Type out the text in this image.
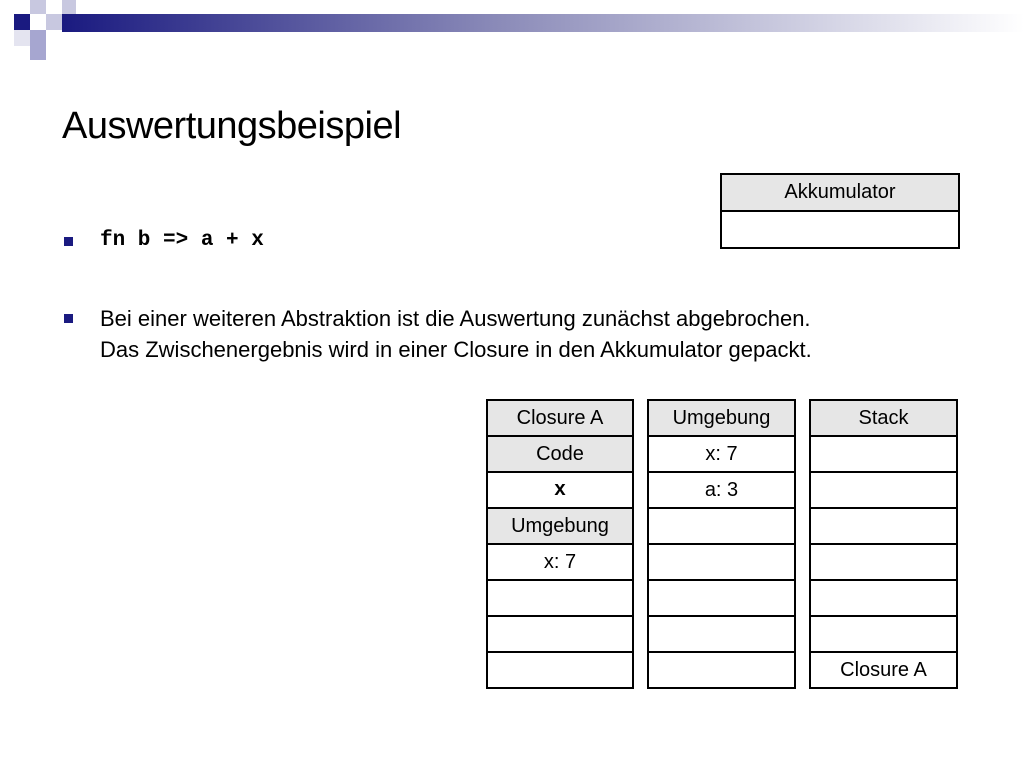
Auswertungsbeispiel
fn b => a + x
Bei einer weiteren Abstraktion ist die Auswertung zunächst abgebrochen.
Das Zwischenergebnis wird in einer Closure in den Akkumulator gepackt.
Akkumulator

Closure A
Code
x
Umgebung
x: 7

Umgebung
x: 7
a: 3

Stack

Closure A
